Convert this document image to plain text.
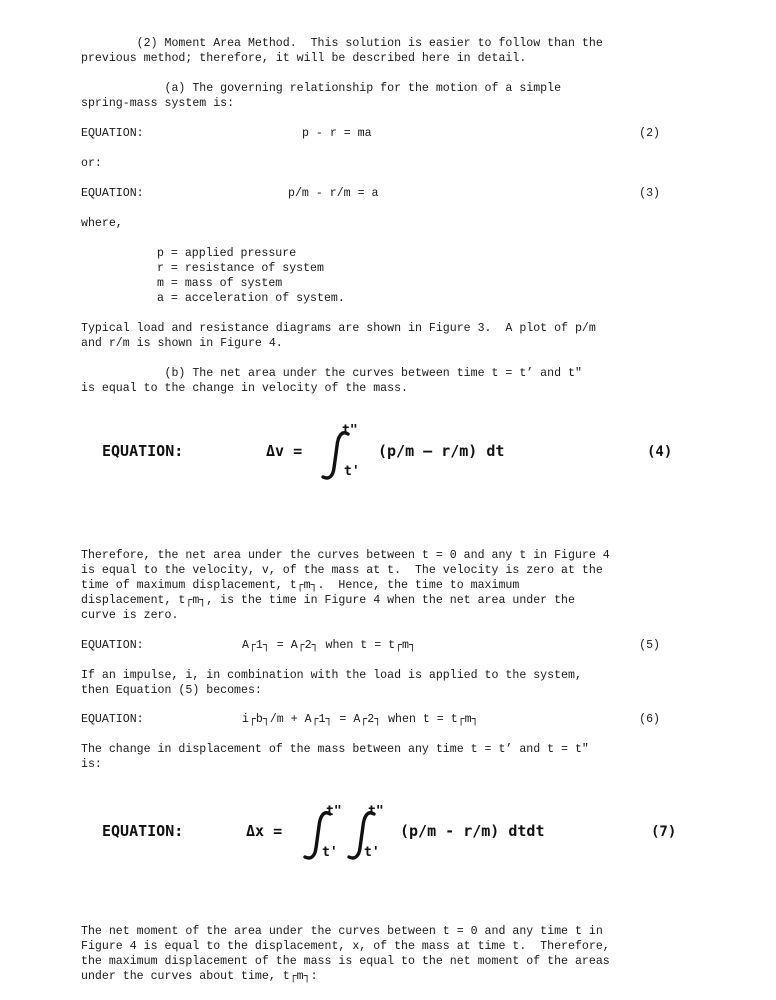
(2) Moment Area Method.  This solution is easier to follow than the
previous method; therefore, it will be described here in detail.
(a) The governing relationship for the motion of a simple
spring-mass system is:
EQUATION:	p - r = ma	(2)
or:
EQUATION:	p/m - r/m = a	(3)
where,
p = applied pressure
r = resistance of system
m = mass of system
a = acceleration of system.
Typical load and resistance diagrams are shown in Figure 3.  A plot of p/m
and r/m is shown in Figure 4.
(b) The net area under the curves between time t = t’ and t"
is equal to the change in velocity of the mass.
EQUATION:	Δv =
t"
t'
(p/m – r/m) dt	(4)
Therefore, the net area under the curves between t = 0 and any t in Figure 4
is equal to the velocity, v, of the mass at t.  The velocity is zero at the
time of maximum displacement, t┌m┐.  Hence, the time to maximum
displacement, t┌m┐, is the time in Figure 4 when the net area under the
curve is zero.
EQUATION:	A┌1┐ = A┌2┐ when t = t┌m┐	(5)
If an impulse, i, in combination with the load is applied to the system,
then Equation (5) becomes:
EQUATION:	i┌b┐/m + A┌1┐ = A┌2┐ when t = t┌m┐	(6)
The change in displacement of the mass between any time t = t’ and t = t"
is:
EQUATION:	Δx =
t"
t'
t"
t'
(p/m - r/m) dtdt	(7)
The net moment of the area under the curves between t = 0 and any time t in
Figure 4 is equal to the displacement, x, of the mass at time t.  Therefore,
the maximum displacement of the mass is equal to the net moment of the areas
under the curves about time, t┌m┐:
